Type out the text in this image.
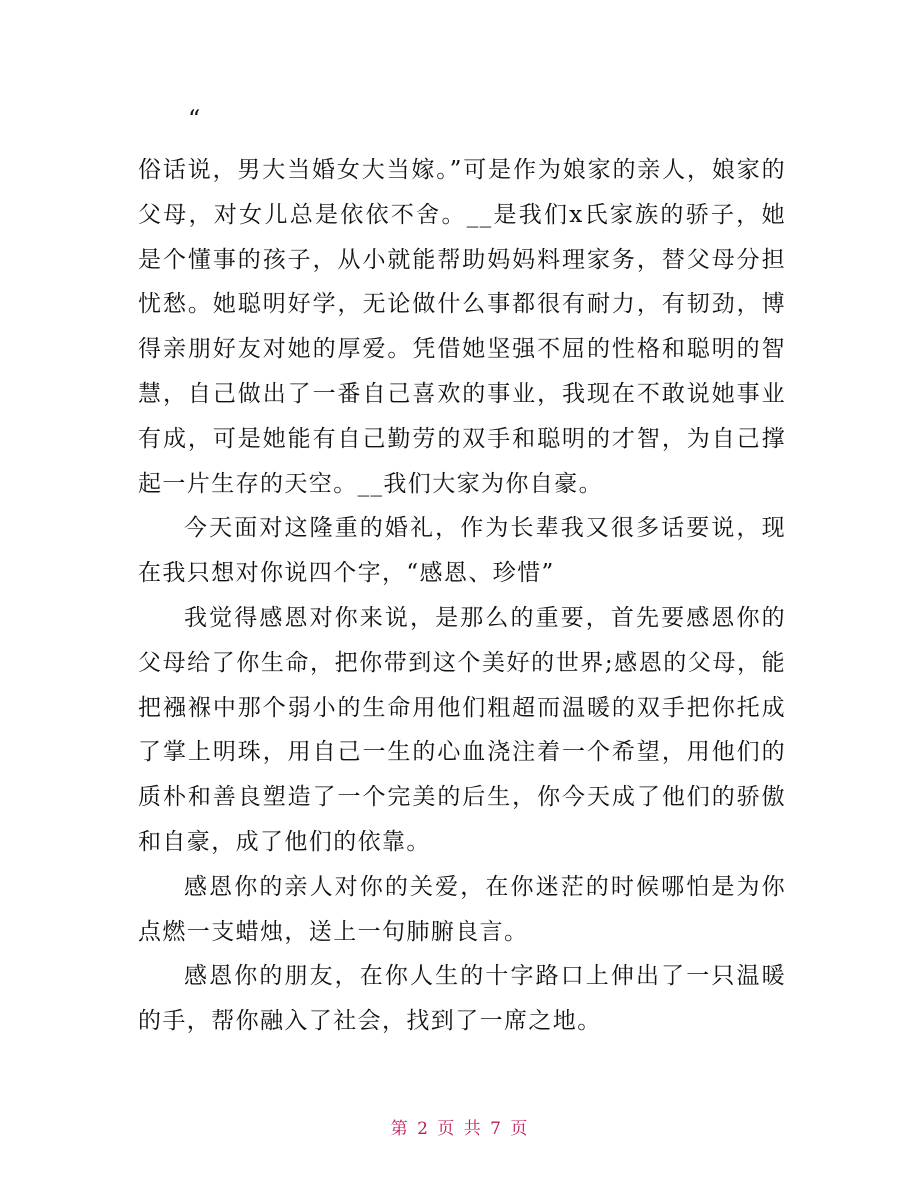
“

俗话说，男大当婚女大当嫁。”可是作为娘家的亲人，娘家的父母，对女儿总是依依不舍。__是我们x氏家族的骄子，她是个懂事的孩子，从小就能帮助妈妈料理家务，替父母分担忧愁。她聪明好学，无论做什么事都很有耐力，有韧劲，博得亲朋好友对她的厚爱。凭借她坚强不屈的性格和聪明的智慧，自己做出了一番自己喜欢的事业，我现在不敢说她事业有成，可是她能有自己勤劳的双手和聪明的才智，为自己撑起一片生存的天空。__我们大家为你自豪。

今天面对这隆重的婚礼，作为长辈我又很多话要说，现在我只想对你说四个字，“感恩、珍惜”

我觉得感恩对你来说，是那么的重要，首先要感恩你的父母给了你生命，把你带到这个美好的世界;感恩的父母，能把襁褓中那个弱小的生命用他们粗超而温暖的双手把你托成了掌上明珠，用自己一生的心血浇注着一个希望，用他们的质朴和善良塑造了一个完美的后生，你今天成了他们的骄傲和自豪，成了他们的依靠。

感恩你的亲人对你的关爱，在你迷茫的时候哪怕是为你点燃一支蜡烛，送上一句肺腑良言。

感恩你的朋友，在你人生的十字路口上伸出了一只温暖的手，帮你融入了社会，找到了一席之地。

第 2 页 共 7 页
